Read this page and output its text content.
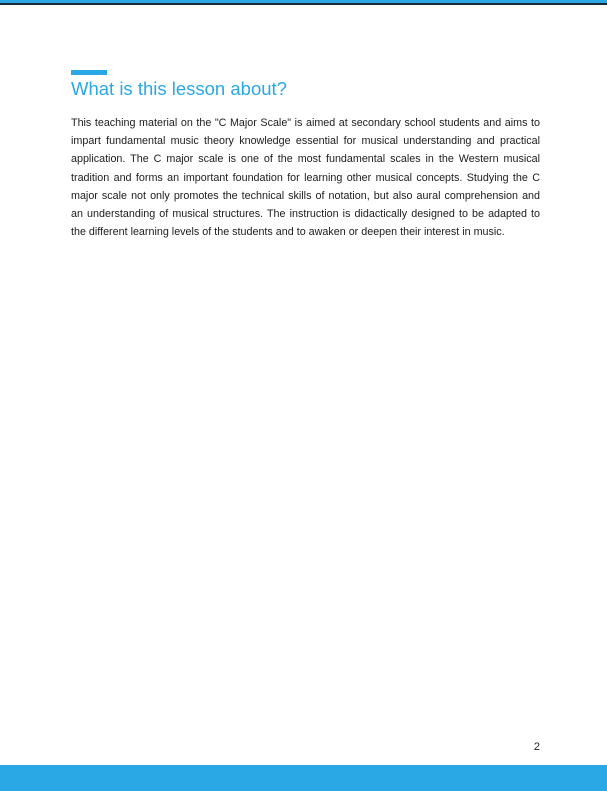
What is this lesson about?

This teaching material on the "C Major Scale" is aimed at secondary school students and aims to impart fundamental music theory knowledge essential for musical understanding and practical application. The C major scale is one of the most fundamental scales in the Western musical tradition and forms an important foundation for learning other musical concepts. Studying the C major scale not only promotes the technical skills of notation, but also aural comprehension and an understanding of musical structures. The instruction is didactically designed to be adapted to the different learning levels of the students and to awaken or deepen their interest in music.

2
